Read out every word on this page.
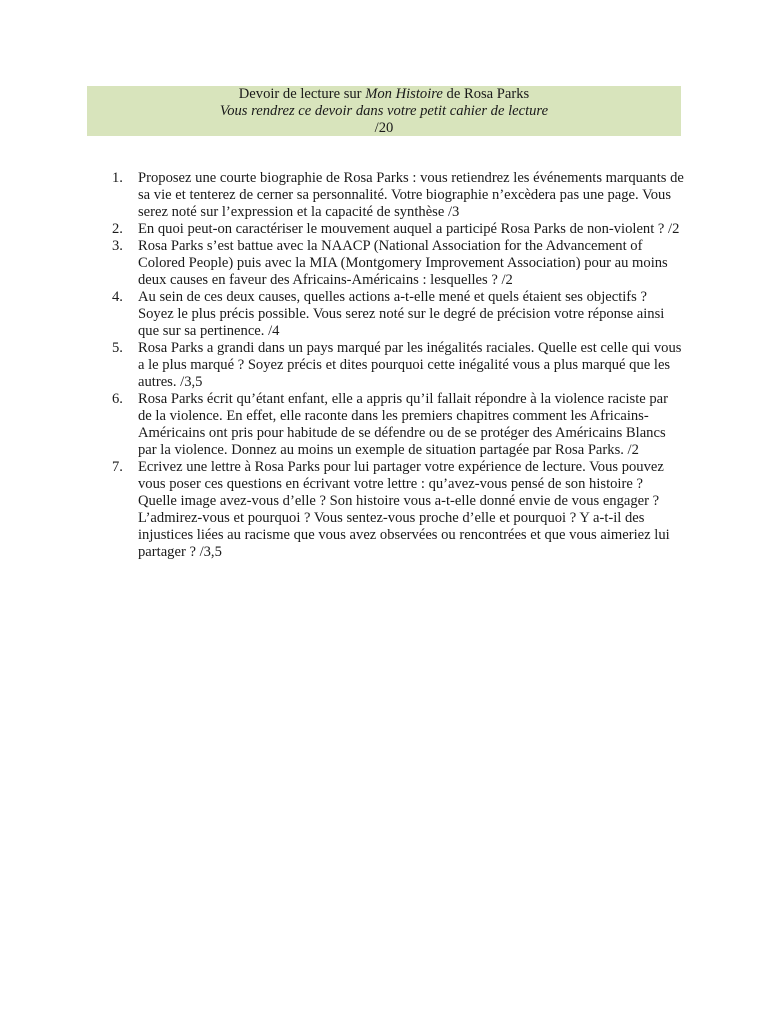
Devoir de lecture sur Mon Histoire de Rosa Parks
Vous rendrez ce devoir dans votre petit cahier de lecture
/20
1. Proposez une courte biographie de Rosa Parks : vous retiendrez les événements marquants de sa vie et tenterez de cerner sa personnalité. Votre biographie n’excèdera pas une page. Vous serez noté sur l’expression et la capacité de synthèse /3
2. En quoi peut-on caractériser le mouvement auquel a participé Rosa Parks de non-violent ? /2
3. Rosa Parks s’est battue avec la NAACP (National Association for the Advancement of Colored People) puis avec la MIA (Montgomery Improvement Association) pour au moins deux causes en faveur des Africains-Américains : lesquelles ? /2
4. Au sein de ces deux causes, quelles actions a-t-elle mené et quels étaient ses objectifs ? Soyez le plus précis possible. Vous serez noté sur le degré de précision votre réponse ainsi que sur sa pertinence. /4
5. Rosa Parks a grandi dans un pays marqué par les inégalités raciales. Quelle est celle qui vous a le plus marqué ? Soyez précis et dites pourquoi cette inégalité vous a plus marqué que les autres. /3,5
6. Rosa Parks écrit qu’étant enfant, elle a appris qu’il fallait répondre à la violence raciste par de la violence. En effet, elle raconte dans les premiers chapitres comment les Africains-Américains ont pris pour habitude de se défendre ou de se protéger des Américains Blancs par la violence. Donnez au moins un exemple de situation partagée par Rosa Parks. /2
7. Ecrivez une lettre à Rosa Parks pour lui partager votre expérience de lecture. Vous pouvez vous poser ces questions en écrivant votre lettre : qu’avez-vous pensé de son histoire ? Quelle image avez-vous d’elle ? Son histoire vous a-t-elle donné envie de vous engager ? L’admirez-vous et pourquoi ? Vous sentez-vous proche d’elle et pourquoi ? Y a-t-il des injustices liées au racisme que vous avez observées ou rencontrées et que vous aimeriez lui partager ? /3,5
